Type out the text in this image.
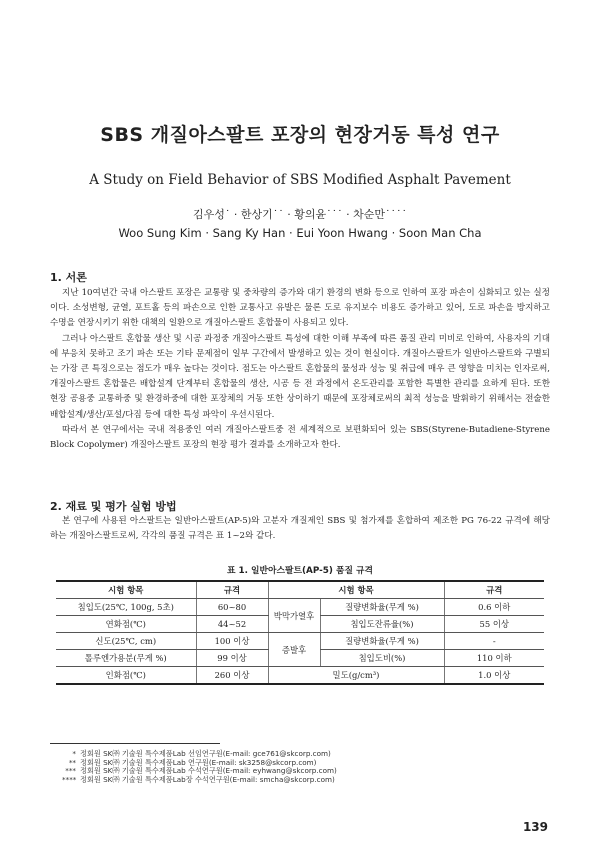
SBS 개질아스팔트 포장의 현장거동 특성 연구
A Study on Field Behavior of SBS Modified Asphalt Pavement
김우성˙ · 한상기˙˙ · 황의윤˙˙˙ · 차순만˙˙˙˙
Woo Sung Kim · Sang Ky Han · Eui Yoon Hwang · Soon Man Cha
1. 서론

지난 10여년간 국내 아스팔트 포장은 교통량 및 중차량의 증가와 대기 환경의 변화 등으로 인하여 포장 파손이 심화되고 있는 실정이다. 소성변형, 균열, 포트홀 등의 파손으로 인한 교통사고 유발은 물론 도로 유지보수 비용도 증가하고 있어, 도로 파손을 방지하고 수명을 연장시키기 위한 대책의 일환으로 개질아스팔트 혼합물이 사용되고 있다.

그러나 아스팔트 혼합물 생산 및 시공 과정중 개질아스팔트 특성에 대한 이해 부족에 따른 품질 관리 미비로 인하여, 사용자의 기대에 부응치 못하고 조기 파손 또는 기타 문제점이 일부 구간에서 발생하고 있는 것이 현실이다. 개질아스팔트가 일반아스팔트와 구별되는 가장 큰 특징으로는 점도가 매우 높다는 것이다. 점도는 아스팔트 혼합물의 물성과 성능 및 취급에 매우 큰 영향을 미치는 인자로써, 개질아스팔트 혼합물은 배합설계 단계부터 혼합물의 생산, 시공 등 전 과정에서 온도관리를 포함한 특별한 관리를 요하게 된다. 또한 현장 공용중 교통하중 및 환경하중에 대한 포장체의 거동 또한 상이하기 때문에 포장체로써의 최적 성능을 발휘하기 위해서는 전술한 배합설계/생산/포설/다짐 등에 대한 특성 파악이 우선시된다.

따라서 본 연구에서는 국내 적용중인 여러 개질아스팔트중 전 세계적으로 보편화되어 있는 SBS(Styrene-Butadiene-Styrene Block Copolymer) 개질아스팔트 포장의 현장 평가 결과를 소개하고자 한다.

2. 재료 및 평가 실험 방법

본 연구에 사용된 아스팔트는 일반아스팔트(AP-5)와 고분자 개질제인 SBS 및 첨가제를 혼합하여 제조한 PG 76-22 규격에 해당하는 개질아스팔트로써, 각각의 품질 규격은 표 1~2와 같다.

표 1. 일반아스팔트(AP-5) 품질 규격
시험 항목	규격	시험 항목		규격
침입도(25℃, 100g, 5초)	60~80	박막가열후	질량변화율(무게 %)	0.6 이하
연화점(℃)	44~52		침입도잔류율(%)	55 이상
신도(25℃, cm)	100 이상	증발후	질량변화율(무게 %)	-
톨루엔가용분(무게 %)	99 이상		침입도비(%)	110 이하
인화점(℃)	260 이상	밀도(g/cm³)		1.0 이상
* 정회원 SK㈜ 기술원 특수제품Lab 선임연구원(E-mail: gce761@skcorp.com)
** 정회원 SK㈜ 기술원 특수제품Lab 연구원(E-mail: sk3258@skcorp.com)
*** 정회원 SK㈜ 기술원 특수제품Lab 수석연구원(E-mail: eyhwang@skcorp.com)
**** 정회원 SK㈜ 기술원 특수제품Lab장 수석연구원(E-mail: smcha@skcorp.com)
139
